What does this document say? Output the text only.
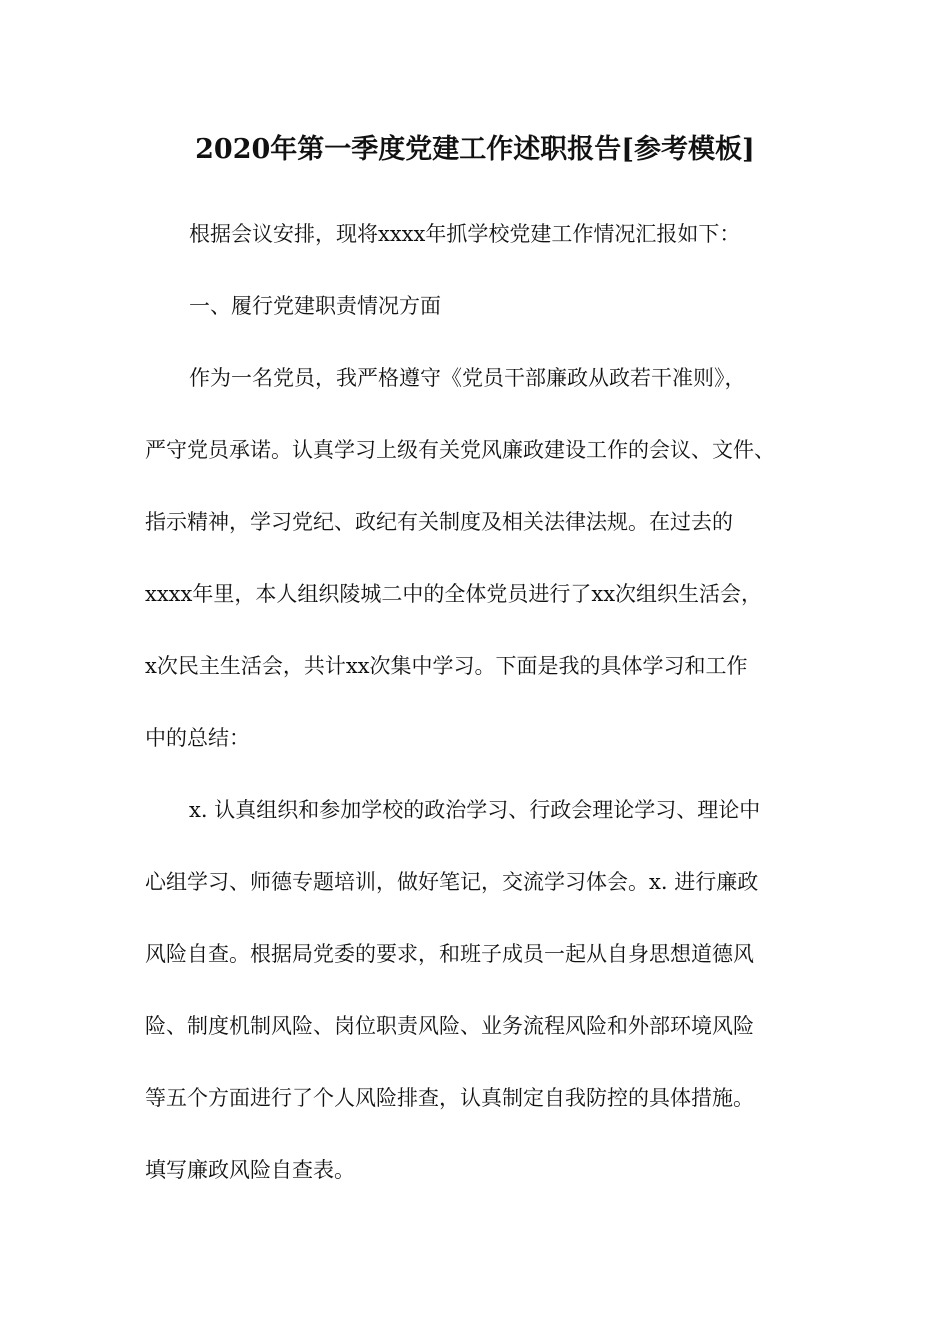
2020年第一季度党建工作述职报告[参考模板]
根据会议安排，现将xxxx年抓学校党建工作情况汇报如下：
一、履行党建职责情况方面
作为一名党员，我严格遵守《党员干部廉政从政若干准则》，
严守党员承诺。认真学习上级有关党风廉政建设工作的会议、文件、
指示精神，学习党纪、政纪有关制度及相关法律法规。在过去的
xxxx年里，本人组织陵城二中的全体党员进行了xx次组织生活会，
x次民主生活会，共计xx次集中学习。下面是我的具体学习和工作
中的总结：
x. 认真组织和参加学校的政治学习、行政会理论学习、理论中
心组学习、师德专题培训，做好笔记，交流学习体会。x. 进行廉政
风险自查。根据局党委的要求，和班子成员一起从自身思想道德风
险、制度机制风险、岗位职责风险、业务流程风险和外部环境风险
等五个方面进行了个人风险排查，认真制定自我防控的具体措施。
填写廉政风险自查表。
